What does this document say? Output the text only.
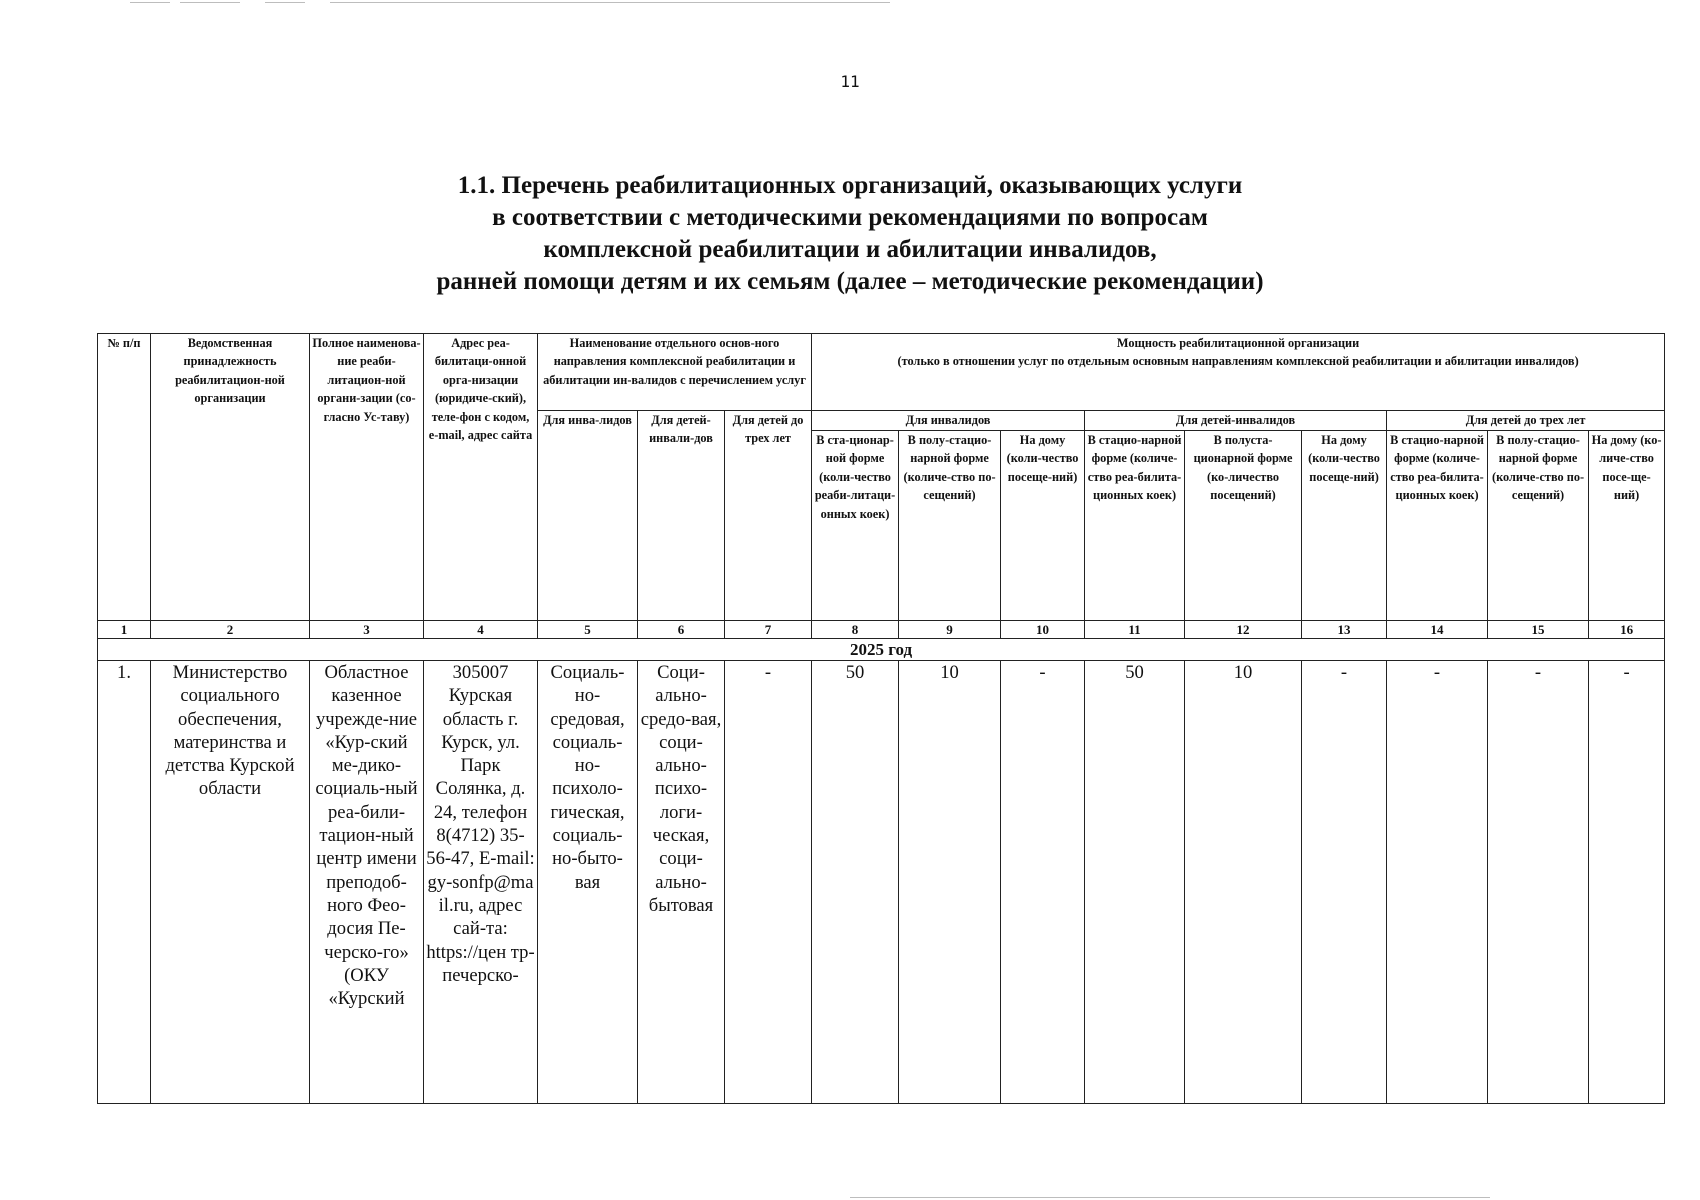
11
1.1. Перечень реабилитационных организаций, оказывающих услуги
в соответствии с методическими рекомендациями по вопросам
комплексной реабилитации и абилитации инвалидов,
ранней помощи детям и их семьям (далее – методические рекомендации)
№ п/п	Ведомственная принадлежность реабилитацион-ной организации	Полное наименова-ние реаби-литацион-ной органи-зации (со-гласно Ус-таву)	Адрес реа-билитаци-онной орга-низации (юридиче-ский), теле-фон с кодом, e-mail, адрес сайта	Наименование отдельного основ-ного направления комплексной реабилитации и абилитации ин-валидов с перечислением услуг			Мощность реабилитационной организации
(только в отношении услуг по отдельным основным направлениям комплексной реабилитации и абилитации инвалидов)								

				Для инва-лидов	Для детей-инвали-дов	Для детей до трех лет	Для инвалидов			Для детей-инвалидов			Для детей до трех лет		
							В ста-ционар-ной форме (коли-чество реаби-литаци-онных коек)	В полу-стацио-нарной форме (количе-ство по-сещений)	На дому (коли-чество посеще-ний)	В стацио-нарной форме (количе-ство реа-билита-ционных коек)	В полуста-ционарной форме (ко-личество посещений)	На дому (коли-чество посеще-ний)	В стацио-нарной форме (количе-ство реа-билита-ционных коек)	В полу-стацио-нарной форме (количе-ство по-сещений)	На дому (ко-личе-ство посе-ще-ний)
1	2	3	4	5	6	7	8	9	10	11	12	13	14	15	16
2025 год															
1.	Министерство социального обеспечения, материнства и детства Курской области	Областное казенное учрежде-ние «Кур-ский ме-дико-социаль-ный реа-били-тацион-ный центр имени преподоб-ного Фео-досия Пе-черско-го» (ОКУ «Курский	305007 Курская область г. Курск, ул. Парк Солянка, д. 24, телефон 8(4712) 35-56-47, E-mail: gy-sonfp@ma il.ru, адрес сай-та: https://цен тр-печерско-	Социаль-но-средовая, социаль-но-психоло-гическая, социаль-но-быто-вая	Соци-ально-средо-вая, соци-ально-психо-логи-ческая, соци-ально-бытовая	-	50	10	-	50	10	-	-	-	-
